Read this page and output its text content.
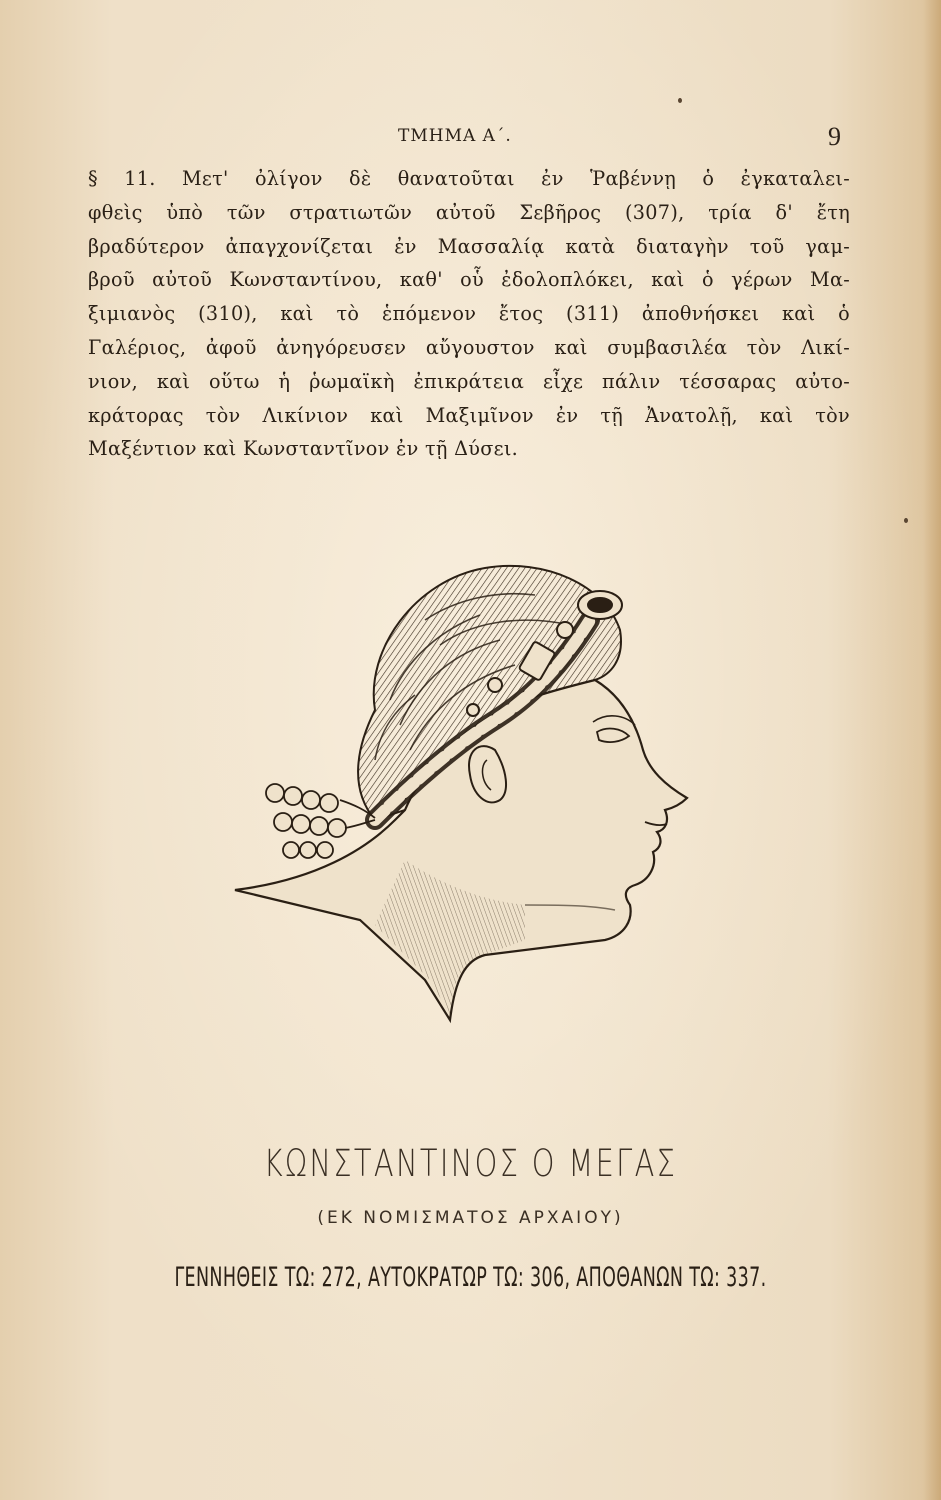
ΤΜΗΜΑ Α΄.	9
§ 11. Μετ' ὀλίγον δὲ θανατοῦται ἐν Ῥαβέννῃ ὁ ἐγκαταλει-
φθεὶς ὑπὸ τῶν στρατιωτῶν αὐτοῦ Σεβῆρος (307), τρία δ' ἔτη
βραδύτερον ἀπαγχονίζεται ἐν Μασσαλίᾳ κατὰ διαταγὴν τοῦ γαμ-
βροῦ αὐτοῦ Κωνσταντίνου, καθ' οὗ ἐδολοπλόκει, καὶ ὁ γέρων Μα-
ξιμιανὸς (310), καὶ τὸ ἑπόμενον ἔτος (311) ἀποθνήσκει καὶ ὁ
Γαλέριος, ἀφοῦ ἀνηγόρευσεν αὔγουστον καὶ συμβασιλέα τὸν Λικί-
νιον, καὶ οὕτω ἡ ῥωμαϊκὴ ἐπικράτεια εἶχε πάλιν τέσσαρας αὐτο-
κράτορας τὸν Λικίνιον καὶ Μαξιμῖνον ἐν τῇ Ἀνατολῇ, καὶ τὸν
Μαξέντιον καὶ Κωνσταντῖνον ἐν τῇ Δύσει.
ΚΩΝΣΤΑΝΤΙΝΟΣ Ο ΜΕΓΑΣ
(ΕΚ ΝΟΜΙΣΜΑΤΟΣ ΑΡΧΑΙΟΥ)
ΓΕΝΝΗΘΕΙΣ ΤΩ: 272, ΑΥΤΟΚΡΑΤΩΡ ΤΩ: 306, ΑΠΟΘΑΝΩΝ ΤΩ: 337.
